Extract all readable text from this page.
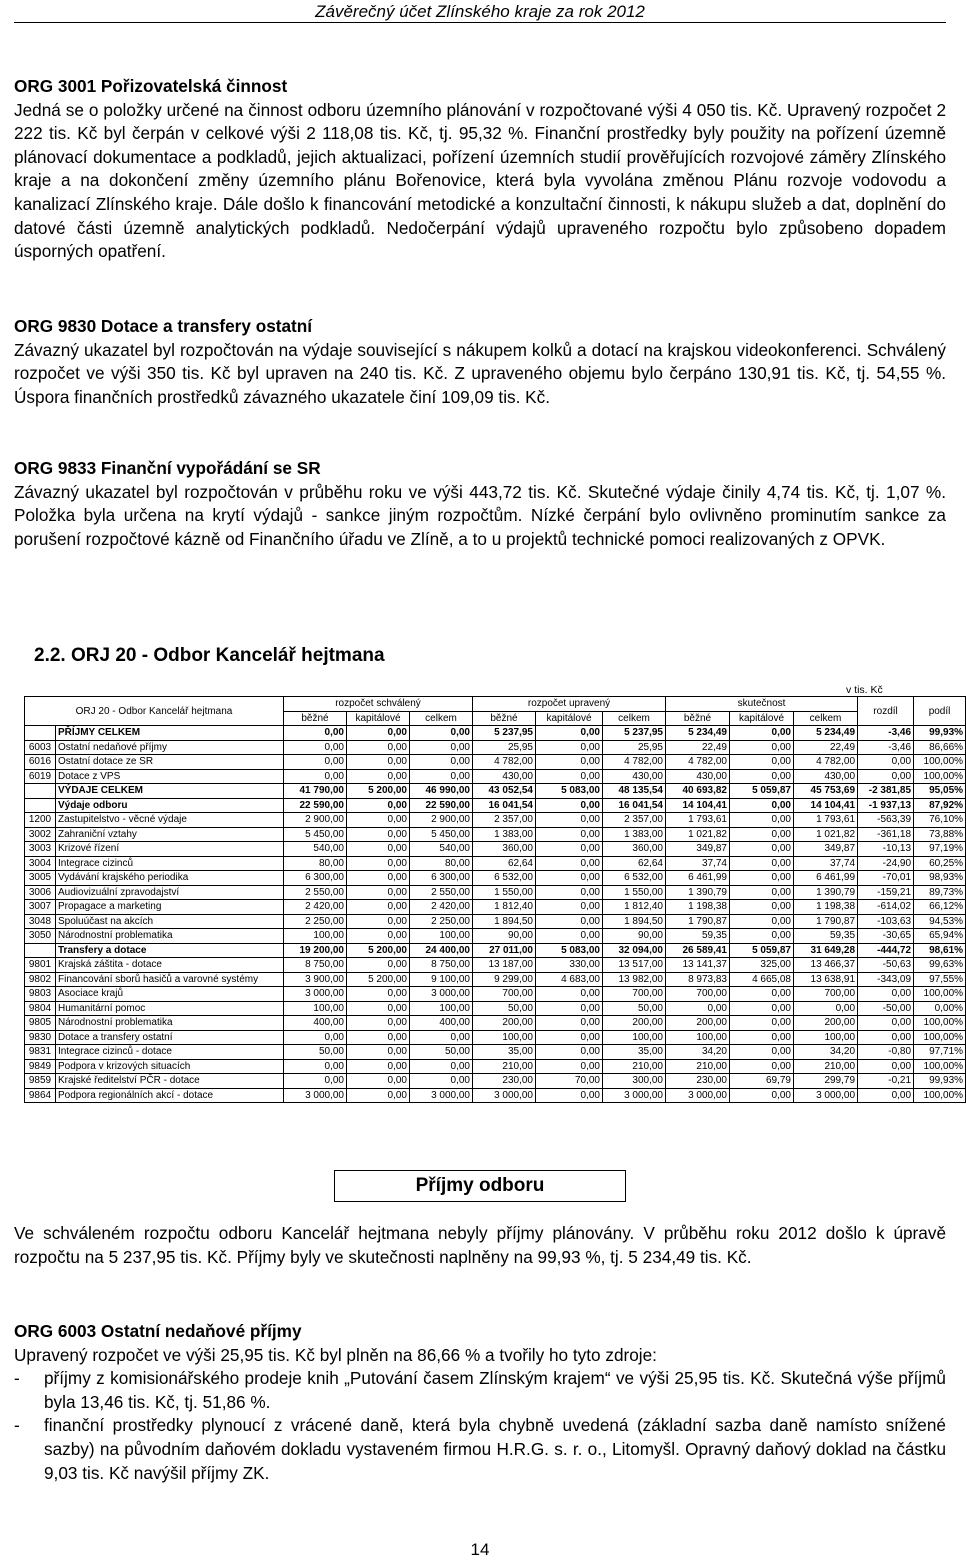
Závěrečný účet Zlínského kraje za rok 2012
ORG 3001 Pořizovatelská činnost

Jedná se o položky určené na činnost odboru územního plánování v rozpočtované výši 4 050 tis. Kč. Upravený rozpočet 2 222 tis. Kč byl čerpán v celkové výši 2 118,08 tis. Kč, tj. 95,32 %. Finanční prostředky byly použity na pořízení územně plánovací dokumentace a podkladů, jejich aktualizaci, pořízení územních studií prověřujících rozvojové záměry Zlínského kraje a na dokončení změny územního plánu Bořenovice, která byla vyvolána změnou Plánu rozvoje vodovodu a kanalizací Zlínského kraje. Dále došlo k financování metodické a konzultační činnosti, k nákupu služeb a dat, doplnění do datové části územně analytických podkladů. Nedočerpání výdajů upraveného rozpočtu bylo způsobeno dopadem úsporných opatření.

ORG 9830 Dotace a transfery ostatní

Závazný ukazatel byl rozpočtován na výdaje související s nákupem kolků a dotací na krajskou videokonferenci. Schválený rozpočet ve výši 350 tis. Kč byl upraven na 240 tis. Kč. Z upraveného objemu bylo čerpáno 130,91 tis. Kč, tj. 54,55 %. Úspora finančních prostředků závazného ukazatele činí 109,09 tis. Kč.

ORG 9833 Finanční vypořádání se SR

Závazný ukazatel byl rozpočtován v průběhu roku ve výši 443,72 tis. Kč. Skutečné výdaje činily 4,74 tis. Kč, tj. 1,07 %. Položka byla určena na krytí výdajů - sankce jiným rozpočtům. Nízké čerpání bylo ovlivněno prominutím sankce za porušení rozpočtové kázně od Finančního úřadu ve Zlíně, a to u projektů technické pomoci realizovaných z OPVK.

2.2. ORJ 20 - Odbor Kancelář hejtmana
v tis. Kč
ORJ 20 - Odbor Kancelář hejtmana		rozpočet schválený			rozpočet upravený			skutečnost			rozdíl	podíl
		běžné	kapitálové	celkem	běžné	kapitálové	celkem	běžné	kapitálové	celkem		
	PŘÍJMY CELKEM	0,00	0,00	0,00	5 237,95	0,00	5 237,95	5 234,49	0,00	5 234,49	-3,46	99,93%
6003	Ostatní nedaňové příjmy	0,00	0,00	0,00	25,95	0,00	25,95	22,49	0,00	22,49	-3,46	86,66%
6016	Ostatní dotace ze SR	0,00	0,00	0,00	4 782,00	0,00	4 782,00	4 782,00	0,00	4 782,00	0,00	100,00%
6019	Dotace z VPS	0,00	0,00	0,00	430,00	0,00	430,00	430,00	0,00	430,00	0,00	100,00%
	VÝDAJE CELKEM	41 790,00	5 200,00	46 990,00	43 052,54	5 083,00	48 135,54	40 693,82	5 059,87	45 753,69	-2 381,85	95,05%
	Výdaje odboru	22 590,00	0,00	22 590,00	16 041,54	0,00	16 041,54	14 104,41	0,00	14 104,41	-1 937,13	87,92%
1200	Zastupitelstvo - věcné výdaje	2 900,00	0,00	2 900,00	2 357,00	0,00	2 357,00	1 793,61	0,00	1 793,61	-563,39	76,10%
3002	Zahraniční vztahy	5 450,00	0,00	5 450,00	1 383,00	0,00	1 383,00	1 021,82	0,00	1 021,82	-361,18	73,88%
3003	Krizové řízení	540,00	0,00	540,00	360,00	0,00	360,00	349,87	0,00	349,87	-10,13	97,19%
3004	Integrace cizinců	80,00	0,00	80,00	62,64	0,00	62,64	37,74	0,00	37,74	-24,90	60,25%
3005	Vydávání krajského periodika	6 300,00	0,00	6 300,00	6 532,00	0,00	6 532,00	6 461,99	0,00	6 461,99	-70,01	98,93%
3006	Audiovizuální zpravodajství	2 550,00	0,00	2 550,00	1 550,00	0,00	1 550,00	1 390,79	0,00	1 390,79	-159,21	89,73%
3007	Propagace a marketing	2 420,00	0,00	2 420,00	1 812,40	0,00	1 812,40	1 198,38	0,00	1 198,38	-614,02	66,12%
3048	Spoluúčast na akcích	2 250,00	0,00	2 250,00	1 894,50	0,00	1 894,50	1 790,87	0,00	1 790,87	-103,63	94,53%
3050	Národnostní problematika	100,00	0,00	100,00	90,00	0,00	90,00	59,35	0,00	59,35	-30,65	65,94%
	Transfery a dotace	19 200,00	5 200,00	24 400,00	27 011,00	5 083,00	32 094,00	26 589,41	5 059,87	31 649,28	-444,72	98,61%
9801	Krajská záštita - dotace	8 750,00	0,00	8 750,00	13 187,00	330,00	13 517,00	13 141,37	325,00	13 466,37	-50,63	99,63%
9802	Financování sborů hasičů a varovné systémy	3 900,00	5 200,00	9 100,00	9 299,00	4 683,00	13 982,00	8 973,83	4 665,08	13 638,91	-343,09	97,55%
9803	Asociace krajů	3 000,00	0,00	3 000,00	700,00	0,00	700,00	700,00	0,00	700,00	0,00	100,00%
9804	Humanitární pomoc	100,00	0,00	100,00	50,00	0,00	50,00	0,00	0,00	0,00	-50,00	0,00%
9805	Národnostní problematika	400,00	0,00	400,00	200,00	0,00	200,00	200,00	0,00	200,00	0,00	100,00%
9830	Dotace a transfery ostatní	0,00	0,00	0,00	100,00	0,00	100,00	100,00	0,00	100,00	0,00	100,00%
9831	Integrace cizinců - dotace	50,00	0,00	50,00	35,00	0,00	35,00	34,20	0,00	34,20	-0,80	97,71%
9849	Podpora v krizových situacích	0,00	0,00	0,00	210,00	0,00	210,00	210,00	0,00	210,00	0,00	100,00%
9859	Krajské ředitelství PČR - dotace	0,00	0,00	0,00	230,00	70,00	300,00	230,00	69,79	299,79	-0,21	99,93%
9864	Podpora regionálních akcí - dotace	3 000,00	0,00	3 000,00	3 000,00	0,00	3 000,00	3 000,00	0,00	3 000,00	0,00	100,00%
Příjmy odboru

Ve schváleném rozpočtu odboru Kancelář hejtmana nebyly příjmy plánovány. V průběhu roku 2012 došlo k úpravě rozpočtu na 5 237,95 tis. Kč. Příjmy byly ve skutečnosti naplněny na 99,93 %, tj. 5 234,49 tis. Kč.

ORG 6003 Ostatní nedaňové příjmy

Upravený rozpočet ve výši 25,95 tis. Kč byl plněn na 86,66 % a tvořily ho tyto zdroje:

-	příjmy z komisionářského prodeje knih „Putování časem Zlínským krajem“ ve výši 25,95 tis. Kč. Skutečná výše příjmů byla 13,46 tis. Kč, tj. 51,86 %.
-	finanční prostředky plynoucí z vrácené daně, která byla chybně uvedená (základní sazba daně namísto snížené sazby) na původním daňovém dokladu vystaveném firmou H.R.G. s. r. o., Litomyšl. Opravný daňový doklad na částku 9,03 tis. Kč navýšil příjmy ZK.
14
